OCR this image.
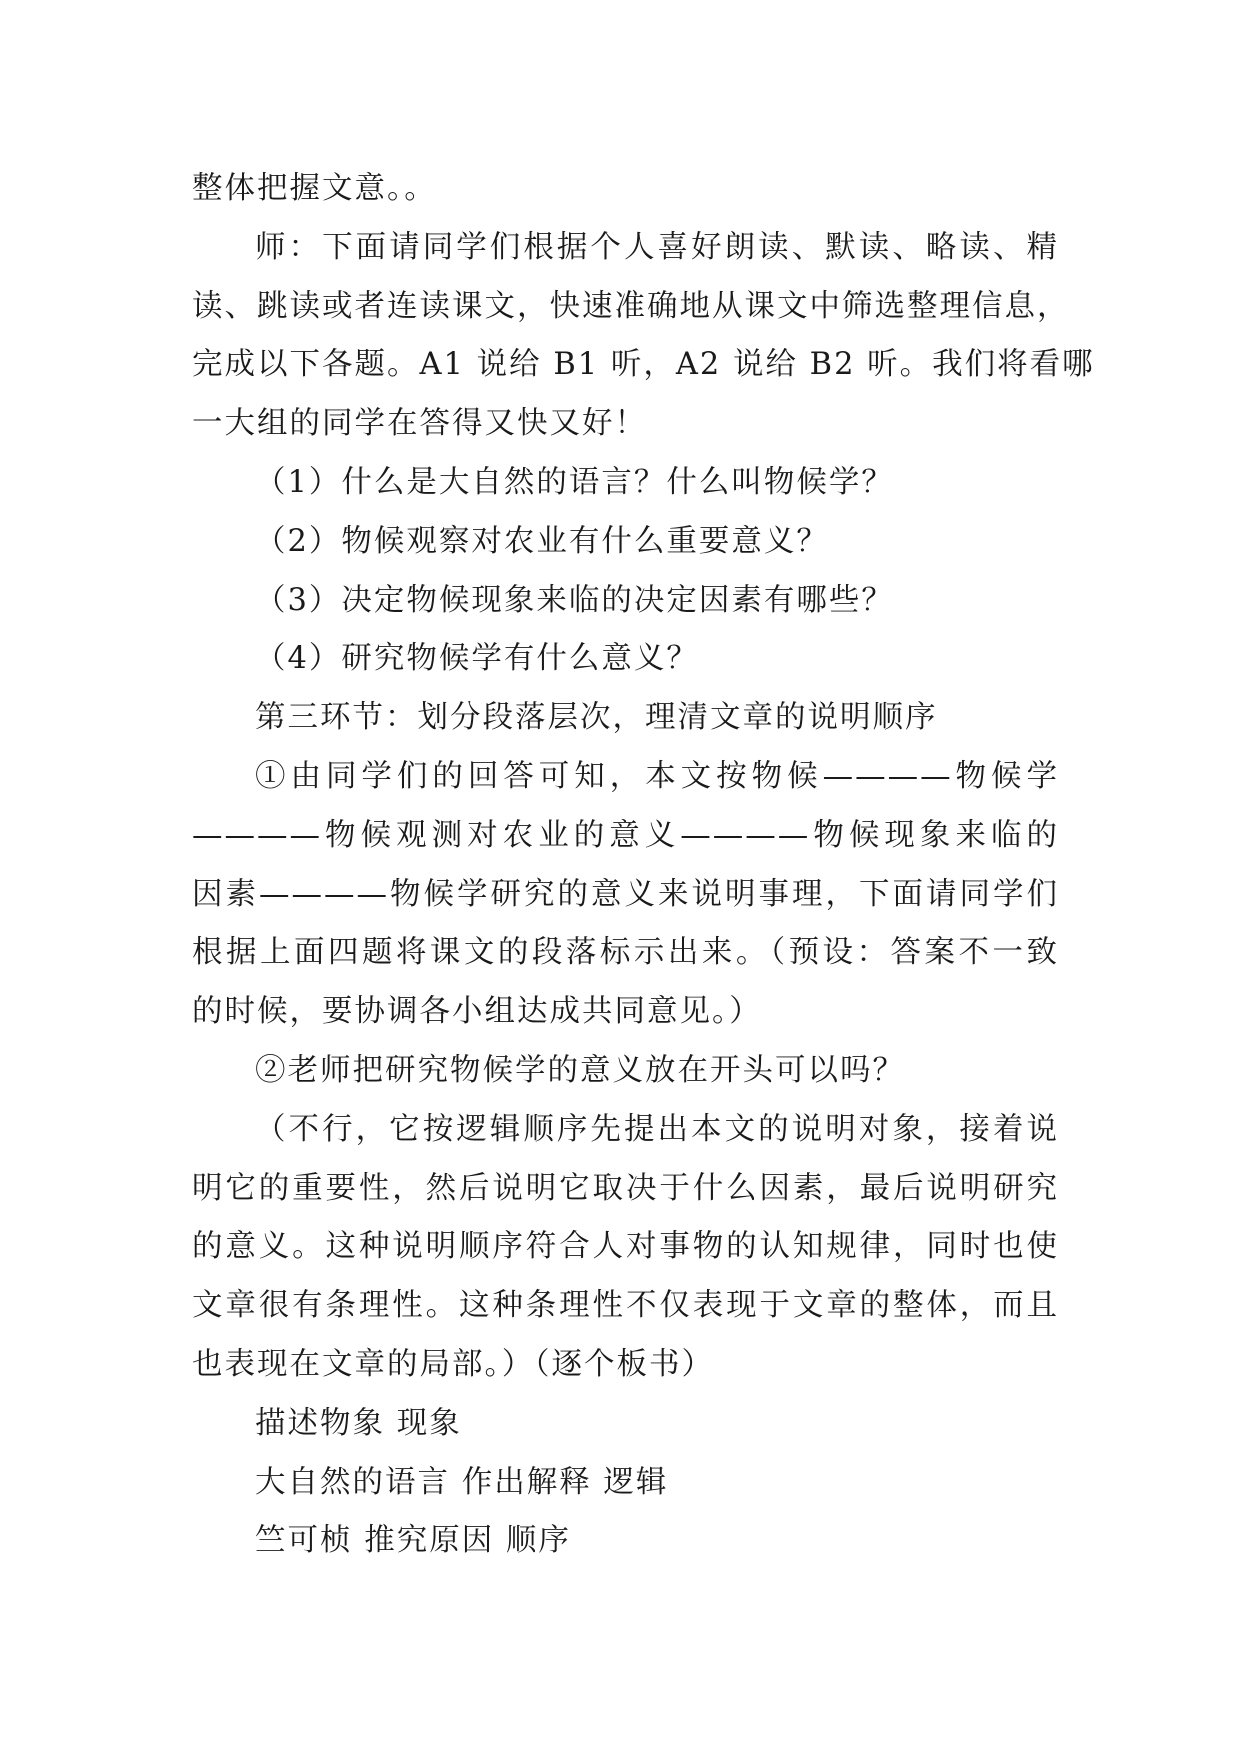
整体把握文意。。
师：下面请同学们根据个人喜好朗读、默读、略读、精
读、跳读或者连读课文，快速准确地从课文中筛选整理信息，
完成以下各题。A1 说给 B1 听，A2 说给 B2 听。我们将看哪
一大组的同学在答得又快又好！
（1）什么是大自然的语言？什么叫物候学？
（2）物候观察对农业有什么重要意义？
（3）决定物候现象来临的决定因素有哪些？
（4）研究物候学有什么意义？
第三环节：划分段落层次，理清文章的说明顺序
①由同学们的回答可知，本文按物候————物候学
————物候观测对农业的意义————物候现象来临的
因素————物候学研究的意义来说明事理，下面请同学们
根据上面四题将课文的段落标示出来。（预设：答案不一致
的时候，要协调各小组达成共同意见。）
②老师把研究物候学的意义放在开头可以吗？
（不行，它按逻辑顺序先提出本文的说明对象，接着说
明它的重要性，然后说明它取决于什么因素，最后说明研究
的意义。这种说明顺序符合人对事物的认知规律，同时也使
文章很有条理性。这种条理性不仅表现于文章的整体，而且
也表现在文章的局部。）（逐个板书）
描述物象 现象
大自然的语言 作出解释 逻辑
竺可桢 推究原因 顺序
